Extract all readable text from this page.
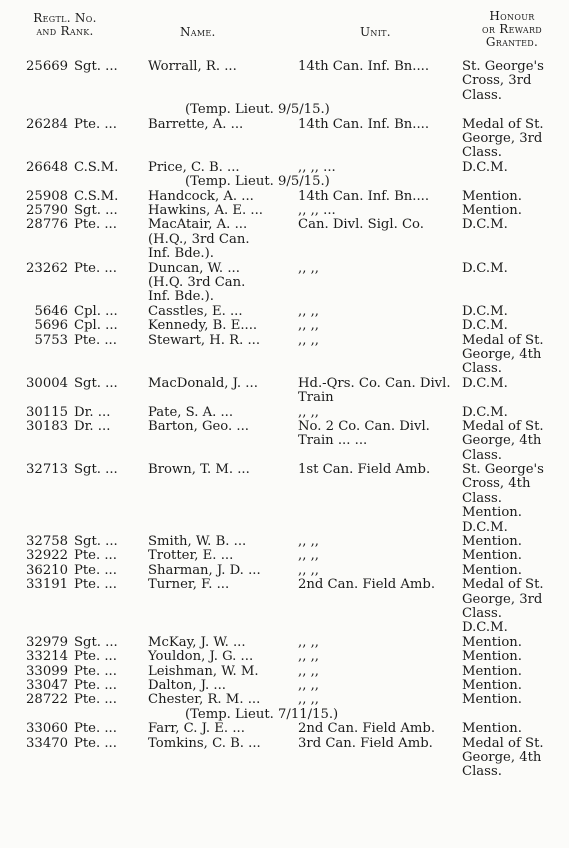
Regtl. No.
and Rank.	Name.	Unit.
Honour
or Reward
Granted.
25669 Sgt. ... Worrall, R. ...	14th Can. Inf. Bn....	St. George's
Cross, 3rd
Class.
(Temp. Lieut. 9/5/15.)
26284 Pte. ... Barrette, A. ...	14th Can. Inf. Bn....	Medal of St.
George, 3rd
Class.
26648 C.S.M. Price, C. B. ...	,, ,, ...	D.C.M.
(Temp. Lieut. 9/5/15.)
25908 C.S.M. Handcock, A. ...	14th Can. Inf. Bn....	Mention.
25790 Sgt. ... Hawkins, A. E. ...	,, ,, ...	Mention.
28776 Pte. ... MacAtair, A. ...
(H.Q., 3rd Can.
Inf. Bde.).
Can. Divl. Sigl. Co.	D.C.M.
23262 Pte. ... Duncan, W. ...
(H.Q. 3rd Can.
Inf. Bde.).
,, ,,	D.C.M.
5646 Cpl. ... Casstles, E. ...	,, ,,	D.C.M.
5696 Cpl. ... Kennedy, B. E....	,, ,,	D.C.M.
5753 Pte. ... Stewart, H. R. ...	,, ,,	Medal of St.
George, 4th
Class.
30004 Sgt. ... MacDonald, J. ...	Hd.-Qrs. Co. Can. Divl.
Train
D.C.M.
30115 Dr. ...	Pate, S. A. ...	,, ,,	D.C.M.
30183 Dr. ...	Barton, Geo. ...	No. 2 Co. Can. Divl.
Train ... ...
Medal of St.
George, 4th
Class.
32713 Sgt. ... Brown, T. M. ...	1st Can. Field Amb.	St. George's
Cross, 4th
Class.
Mention.
D.C.M.
32758 Sgt. ... Smith, W. B. ...	,, ,,	Mention.
32922 Pte. ... Trotter, E. ...	,, ,,	Mention.
36210 Pte. ... Sharman, J. D. ...	,, ,,	Mention.
33191 Pte. ... Turner, F. ...	2nd Can. Field Amb.	Medal of St.
George, 3rd
Class.
D.C.M.
32979 Sgt. ... McKay, J. W. ...	,, ,,	Mention.
33214 Pte. ... Youldon, J. G. ...	,, ,,	Mention.
33099 Pte. ... Leishman, W. M.	,, ,,	Mention.
33047 Pte. ... Dalton, J. ...	,, ,,	Mention.
28722 Pte. ... Chester, R. M. ...	,, ,,	Mention.
(Temp. Lieut. 7/11/15.)
33060 Pte. ... Farr, C. J. E. ...	2nd Can. Field Amb.	Mention.
33470 Pte. ... Tomkins, C. B. ...	3rd Can. Field Amb.	Medal of St.
George, 4th
Class.
